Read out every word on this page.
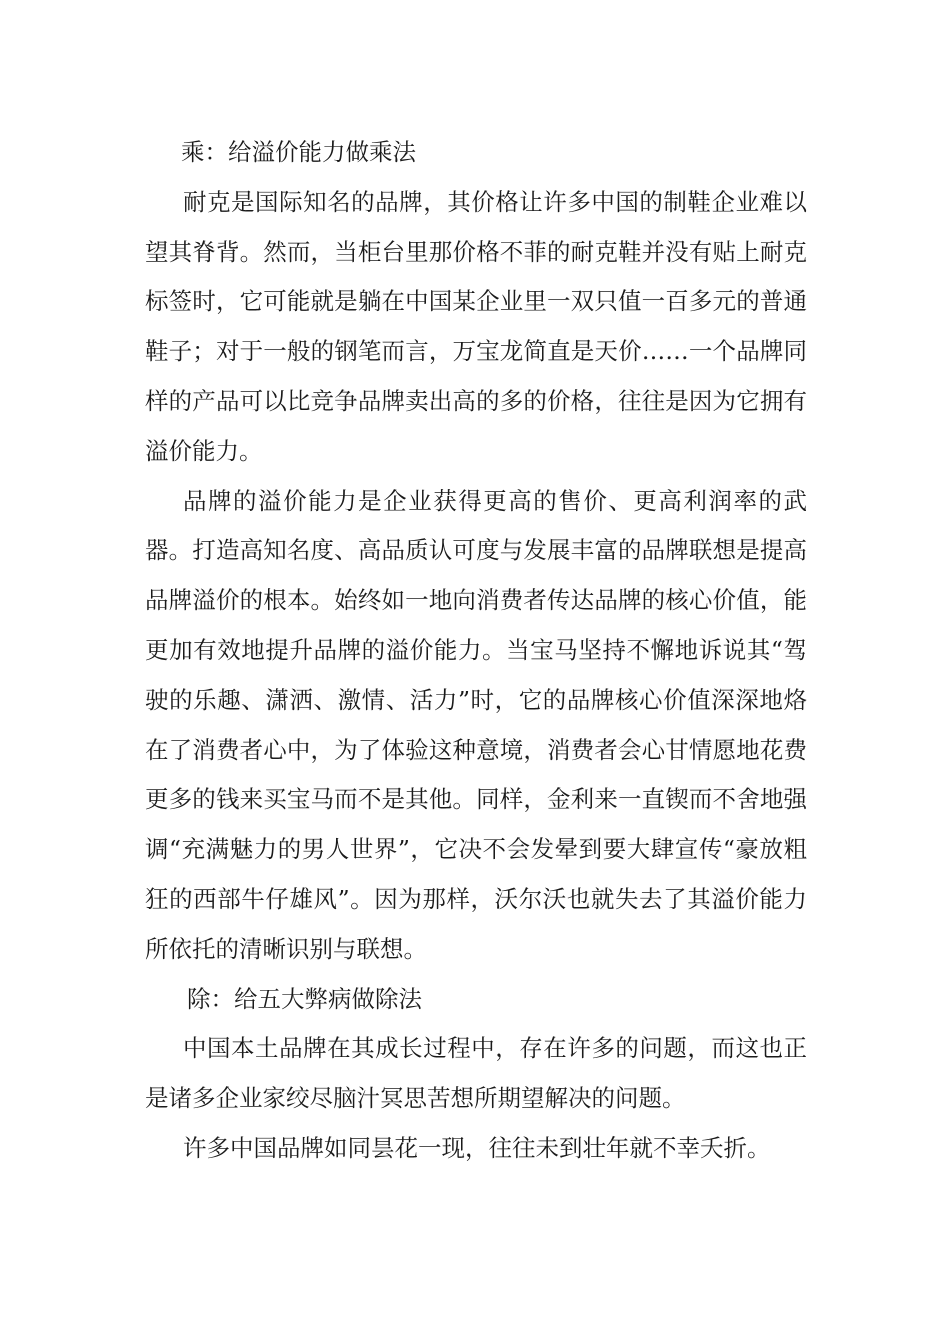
乘：给溢价能力做乘法

耐克是国际知名的品牌，其价格让许多中国的制鞋企业难以望其脊背。然而，当柜台里那价格不菲的耐克鞋并没有贴上耐克标签时，它可能就是躺在中国某企业里一双只值一百多元的普通鞋子；对于一般的钢笔而言，万宝龙简直是天价……一个品牌同样的产品可以比竞争品牌卖出高的多的价格，往往是因为它拥有溢价能力。

品牌的溢价能力是企业获得更高的售价、更高利润率的武器。打造高知名度、高品质认可度与发展丰富的品牌联想是提高品牌溢价的根本。始终如一地向消费者传达品牌的核心价值，能更加有效地提升品牌的溢价能力。当宝马坚持不懈地诉说其“驾驶的乐趣、潇洒、激情、活力”时，它的品牌核心价值深深地烙在了消费者心中，为了体验这种意境，消费者会心甘情愿地花费更多的钱来买宝马而不是其他。同样，金利来一直锲而不舍地强调“充满魅力的男人世界”，它决不会发晕到要大肆宣传“豪放粗狂的西部牛仔雄风”。因为那样，沃尔沃也就失去了其溢价能力所依托的清晰识别与联想。

除：给五大弊病做除法

中国本土品牌在其成长过程中，存在许多的问题，而这也正是诸多企业家绞尽脑汁冥思苦想所期望解决的问题。

许多中国品牌如同昙花一现，往往未到壮年就不幸夭折。
